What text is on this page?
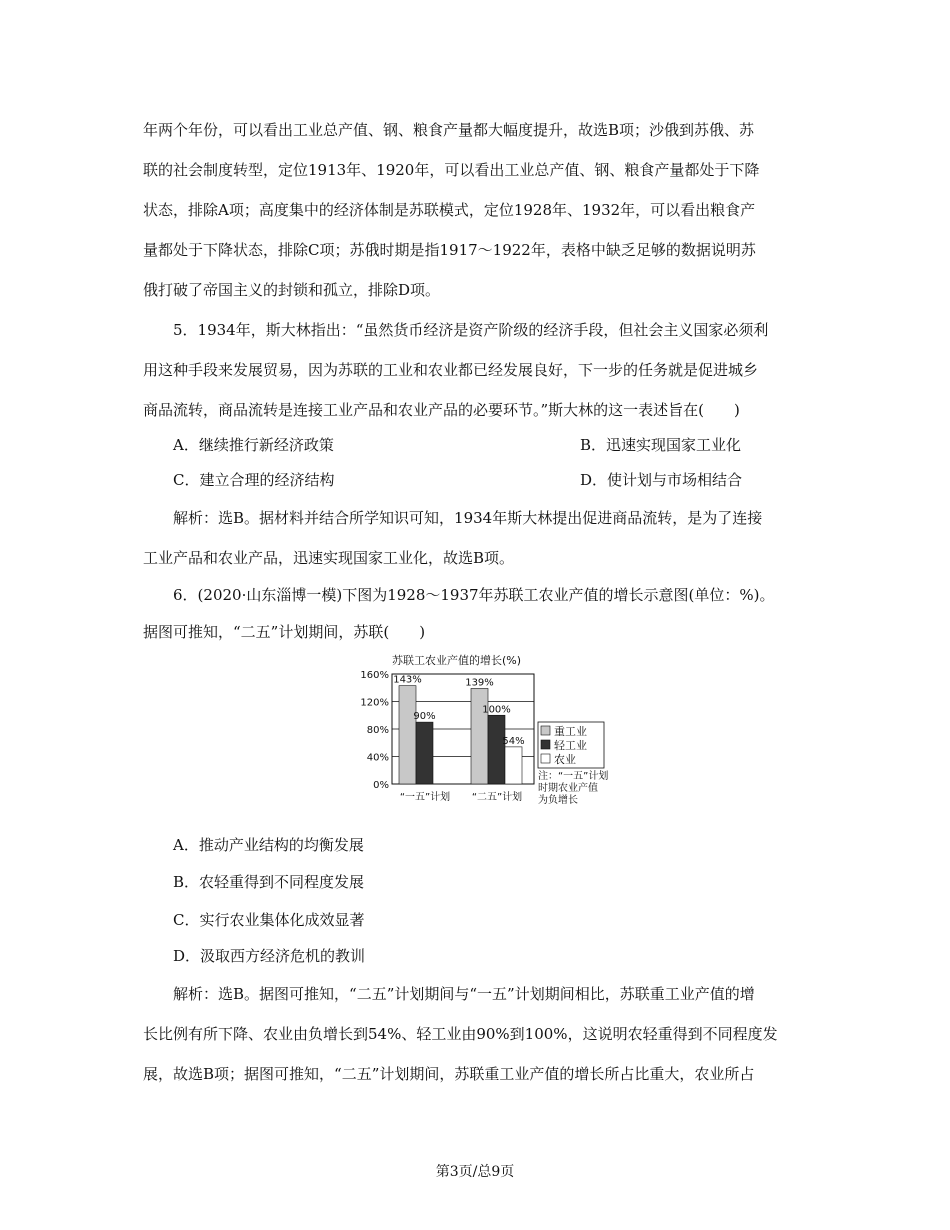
年两个年份，可以看出工业总产值、钢、粮食产量都大幅度提升，故选B项；沙俄到苏俄、苏
联的社会制度转型，定位1913年、1920年，可以看出工业总产值、钢、粮食产量都处于下降
状态，排除A项；高度集中的经济体制是苏联模式，定位1928年、1932年，可以看出粮食产
量都处于下降状态，排除C项；苏俄时期是指1917～1922年，表格中缺乏足够的数据说明苏
俄打破了帝国主义的封锁和孤立，排除D项。
5．1934年，斯大林指出：“虽然货币经济是资产阶级的经济手段，但社会主义国家必须利
用这种手段来发展贸易，因为苏联的工业和农业都已经发展良好，下一步的任务就是促进城乡
商品流转，商品流转是连接工业产品和农业产品的必要环节。”斯大林的这一表述旨在(　　)
A．继续推行新经济政策	B．迅速实现国家工业化
C．建立合理的经济结构	D．使计划与市场相结合
解析：选B。据材料并结合所学知识可知，1934年斯大林提出促进商品流转，是为了连接
工业产品和农业产品，迅速实现国家工业化，故选B项。
6．(2020·山东淄博一模)下图为1928～1937年苏联工农业产值的增长示意图(单位：%)。
据图可推知，“二五”计划期间，苏联(　　)
苏联工农业产值的增长(%)
160%
120%
80%
40%
0%
143%
90%
139%
100%
54%
“一五”计划 “二五”计划
重工业
轻工业
农业
注：“一五”计划
时期农业产值
为负增长
A．推动产业结构的均衡发展
B．农轻重得到不同程度发展
C．实行农业集体化成效显著
D．汲取西方经济危机的教训
解析：选B。据图可推知，“二五”计划期间与“一五”计划期间相比，苏联重工业产值的增
长比例有所下降、农业由负增长到54%、轻工业由90%到100%，这说明农轻重得到不同程度发
展，故选B项；据图可推知，“二五”计划期间，苏联重工业产值的增长所占比重大，农业所占
第3页/总9页
